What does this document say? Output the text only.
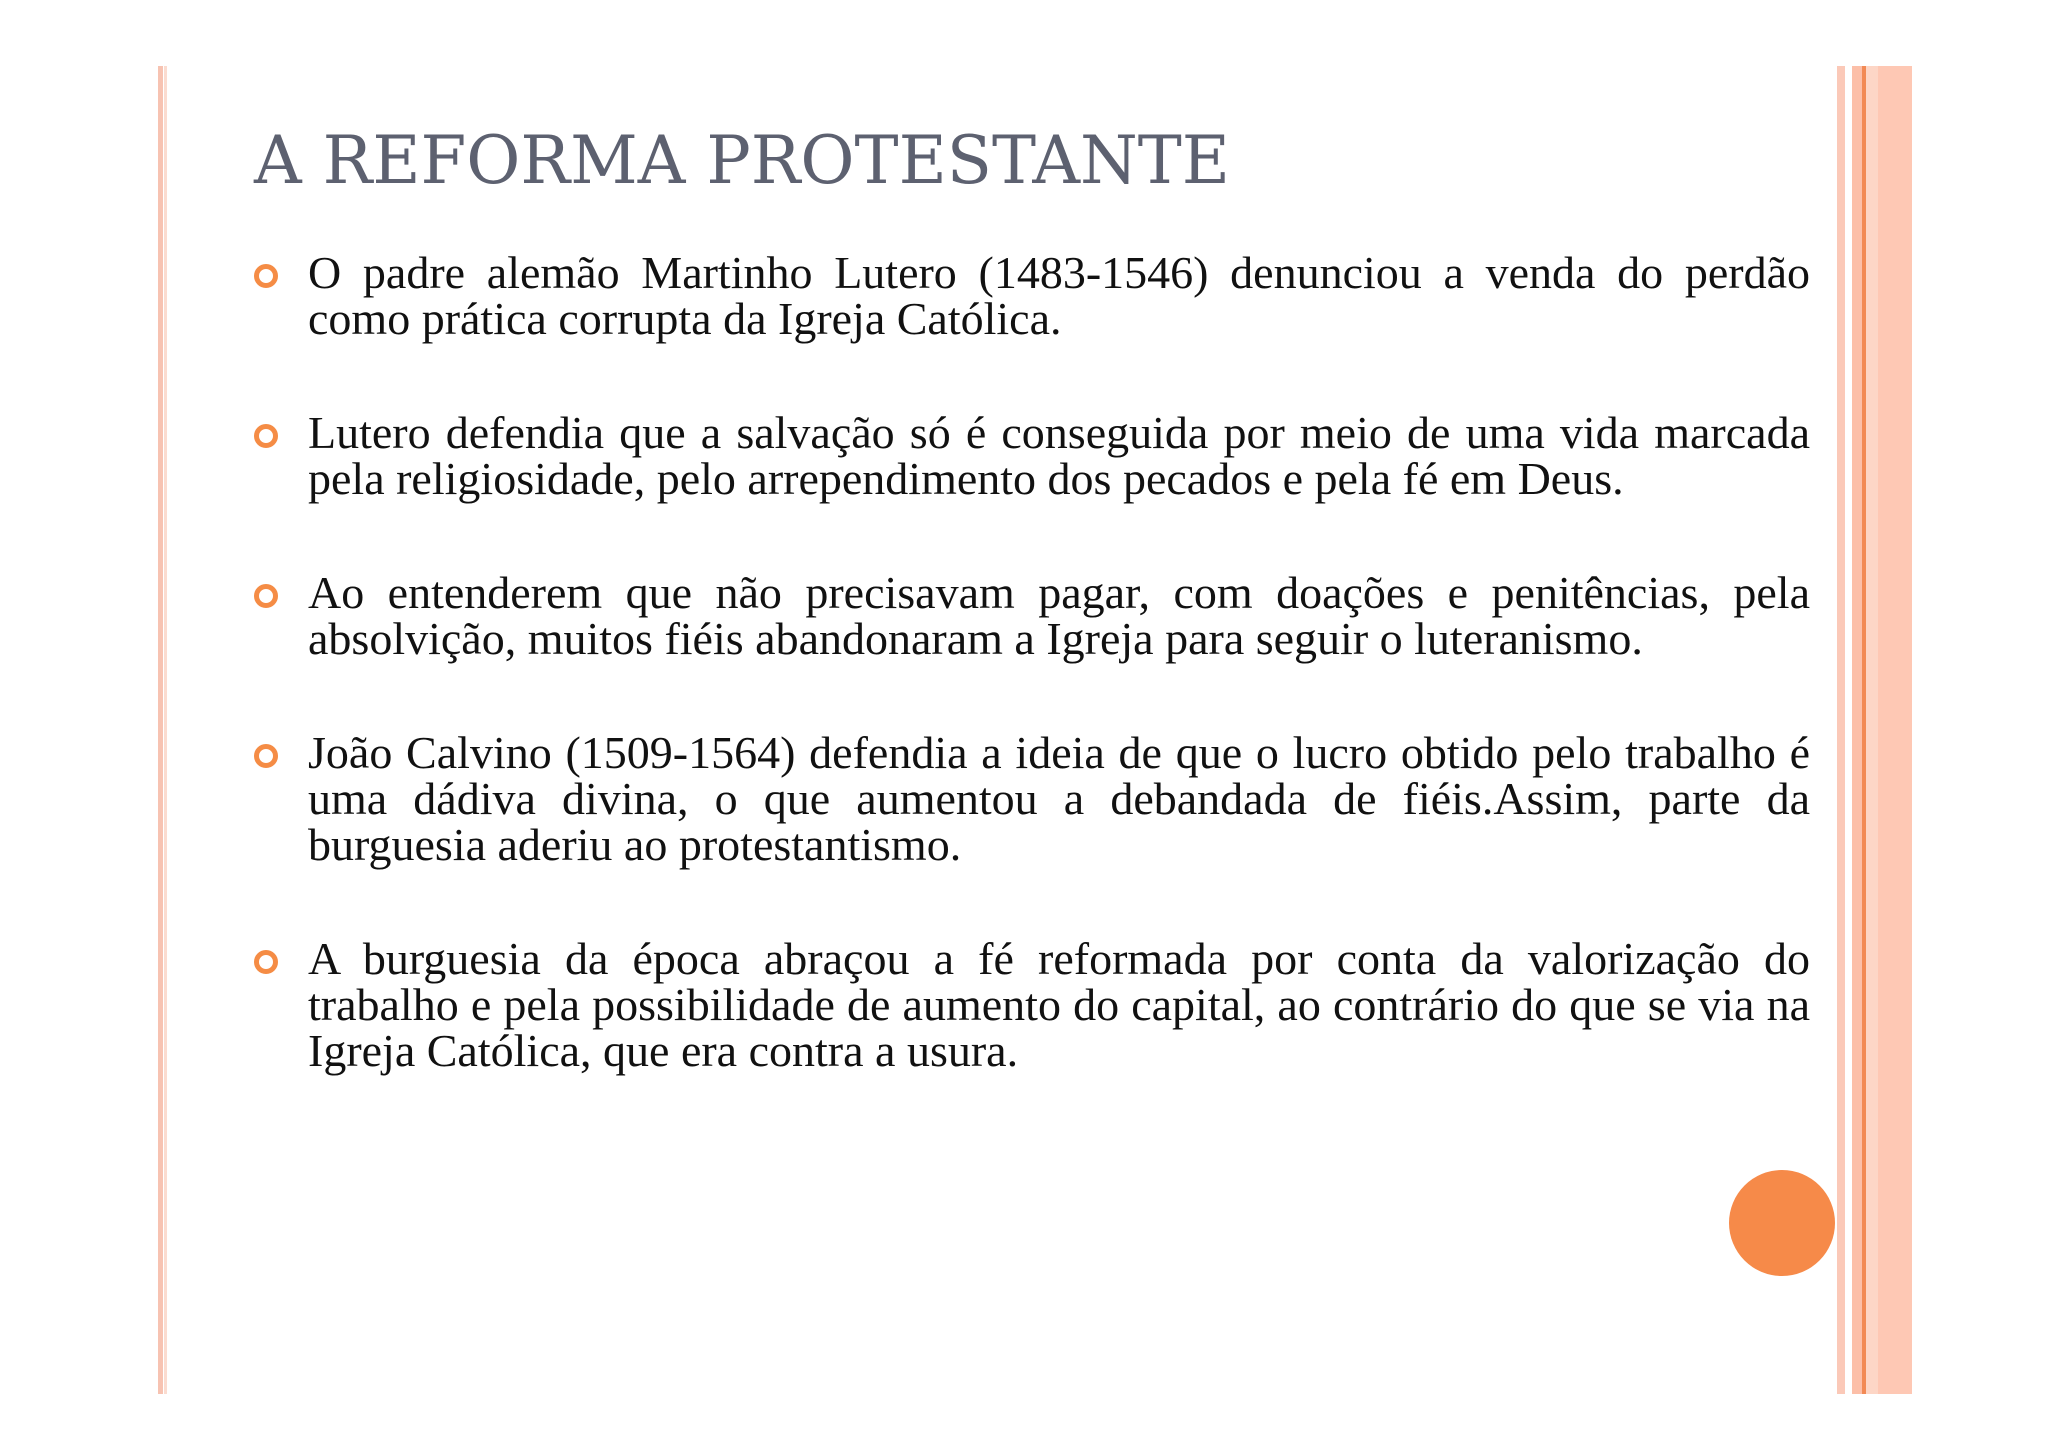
A REFORMA PROTESTANTE
O padre alemão Martinho Lutero (1483-1546) denunciou a venda do perdão como prática corrupta da Igreja Católica.
Lutero defendia que a salvação só é conseguida por meio de uma vida marcada pela religiosidade, pelo arrependimento dos pecados e pela fé em Deus.
Ao entenderem que não precisavam pagar, com doações e penitências, pela absolvição, muitos fiéis abandonaram a Igreja para seguir o luteranismo.
João Calvino (1509-1564) defendia a ideia de que o lucro obtido pelo trabalho é uma dádiva divina, o que aumentou a debandada de fiéis.Assim, parte da burguesia aderiu ao protestantismo.
A burguesia da época abraçou a fé reformada por conta da valorização do trabalho e pela possibilidade de aumento do capital, ao contrário do que se via na Igreja Católica, que era contra a usura.
